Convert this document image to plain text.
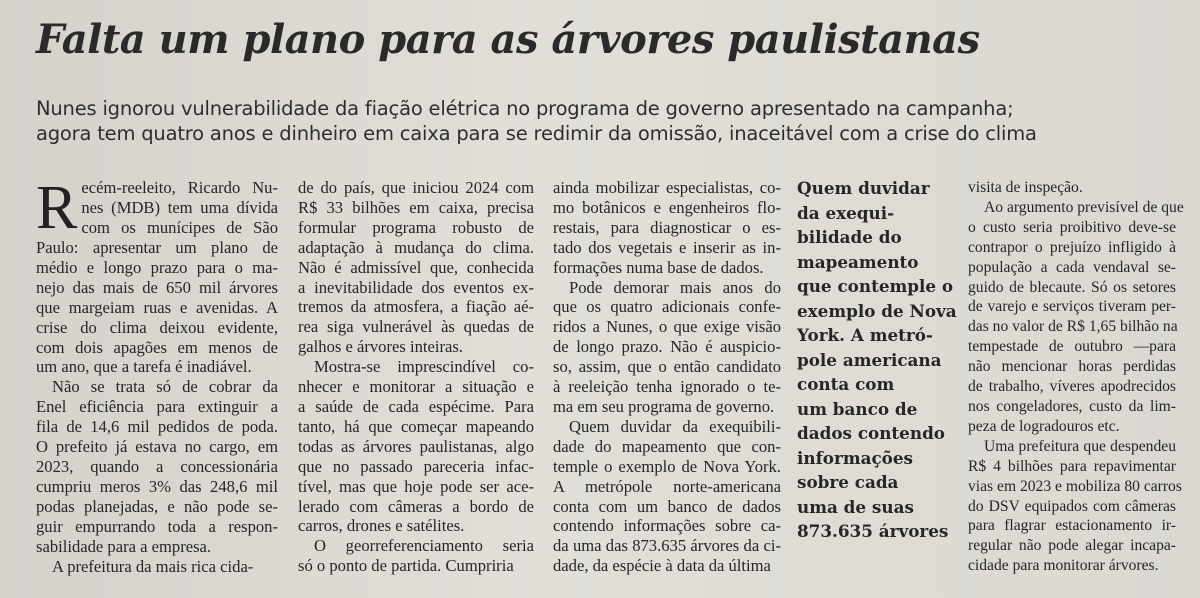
Falta um plano para as árvores paulistanas
Nunes ignorou vulnerabilidade da fiação elétrica no programa de governo apresentado na campanha;
agora tem quatro anos e dinheiro em caixa para se redimir da omissão, inaceitável com a crise do clima
R ecém-reeleito, Ricardo Nu-
nes (MDB) tem uma dívida
com os munícipes de São
Paulo: apresentar um plano de
médio e longo prazo para o ma-
nejo das mais de 650 mil árvores
que margeiam ruas e avenidas. A
crise do clima deixou evidente,
com dois apagões em menos de
um ano, que a tarefa é inadiável.
Não se trata só de cobrar da
Enel eficiência para extinguir a
fila de 14,6 mil pedidos de poda.
O prefeito já estava no cargo, em
2023, quando a concessionária
cumpriu meros 3% das 248,6 mil
podas planejadas, e não pode se-
guir empurrando toda a respon-
sabilidade para a empresa.
A prefeitura da mais rica cida-
de do país, que iniciou 2024 com
R$ 33 bilhões em caixa, precisa
formular programa robusto de
adaptação à mudança do clima.
Não é admissível que, conhecida
a inevitabilidade dos eventos ex-
tremos da atmosfera, a fiação aé-
rea siga vulnerável às quedas de
galhos e árvores inteiras.
Mostra-se imprescindível co-
nhecer e monitorar a situação e
a saúde de cada espécime. Para
tanto, há que começar mapeando
todas as árvores paulistanas, algo
que no passado pareceria infac-
tível, mas que hoje pode ser ace-
lerado com câmeras a bordo de
carros, drones e satélites.
O georreferenciamento seria
só o ponto de partida. Cumpriria
ainda mobilizar especialistas, co-
mo botânicos e engenheiros flo-
restais, para diagnosticar o es-
tado dos vegetais e inserir as in-
formações numa base de dados.
Pode demorar mais anos do
que os quatro adicionais confe-
ridos a Nunes, o que exige visão
de longo prazo. Não é auspicio-
so, assim, que o então candidato
à reeleição tenha ignorado o te-
ma em seu programa de governo.
Quem duvidar da exequibili-
dade do mapeamento que con-
temple o exemplo de Nova York.
A metrópole norte-americana
conta com um banco de dados
contendo informações sobre ca-
da uma das 873.635 árvores da ci-
dade, da espécie à data da última
Quem duvidar
da exequi-
bilidade do
mapeamento
que contemple o
exemplo de Nova
York. A metró-
pole americana
conta com
um banco de
dados contendo
informações
sobre cada
uma de suas
873.635 árvores
visita de inspeção.
Ao argumento previsível de que
o custo seria proibitivo deve-se
contrapor o prejuízo infligido à
população a cada vendaval se-
guido de blecaute. Só os setores
de varejo e serviços tiveram per-
das no valor de R$ 1,65 bilhão na
tempestade de outubro —para
não mencionar horas perdidas
de trabalho, víveres apodrecidos
nos congeladores, custo da lim-
peza de logradouros etc.
Uma prefeitura que despendeu
R$ 4 bilhões para repavimentar
vias em 2023 e mobiliza 80 carros
do DSV equipados com câmeras
para flagrar estacionamento ir-
regular não pode alegar incapa-
cidade para monitorar árvores.
